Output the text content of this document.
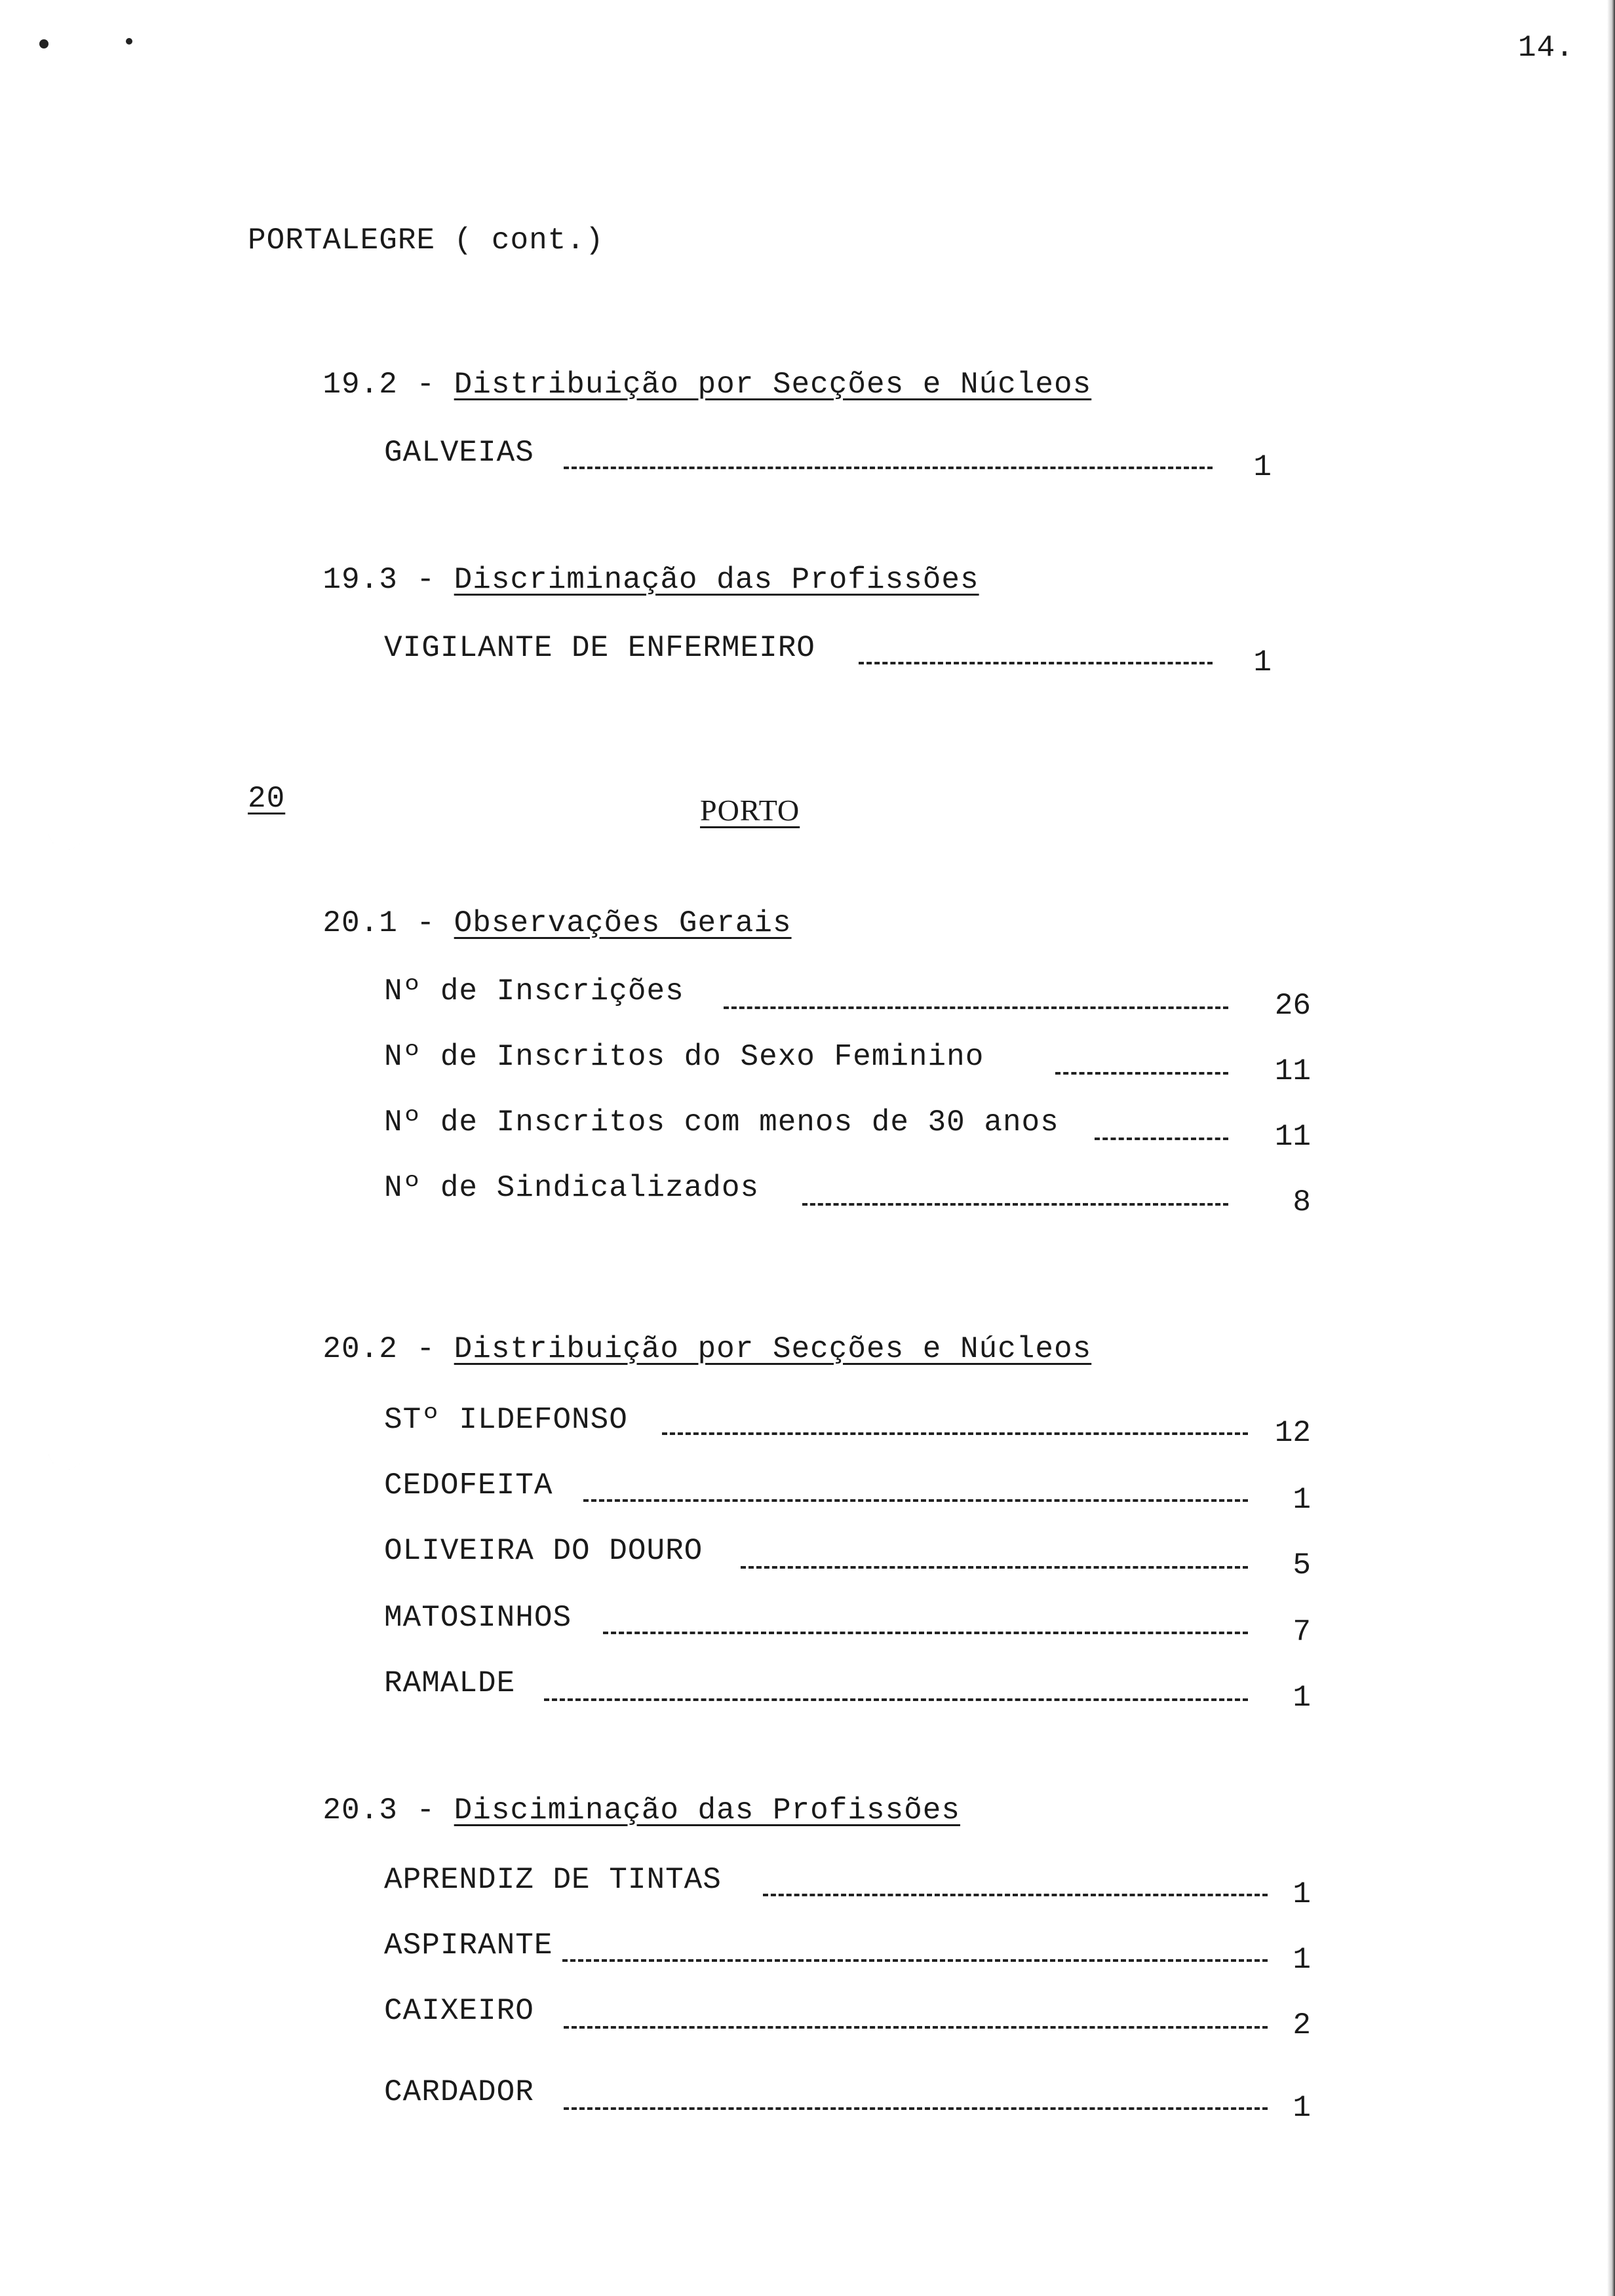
14.
PORTALEGRE ( cont.)

19.2 - Distribuição por Secções e Núcleos

GALVEIAS	1

19.3 - Discriminação das Profissões

VIGILANTE DE ENFERMEIRO	1
20	PORTO

20.1 - Observações Gerais

Nº de Inscrições	26
Nº de Inscritos do Sexo Feminino	11
Nº de Inscritos com menos de 30 anos	11
Nº de Sindicalizados	8

20.2 - Distribuição por Secções e Núcleos

STº ILDEFONSO	12
CEDOFEITA	1
OLIVEIRA DO DOURO	5
MATOSINHOS	7
RAMALDE	1

20.3 - Disciminação das Profissões

APRENDIZ DE TINTAS	1
ASPIRANTE	1
CAIXEIRO	2
CARDADOR	1
